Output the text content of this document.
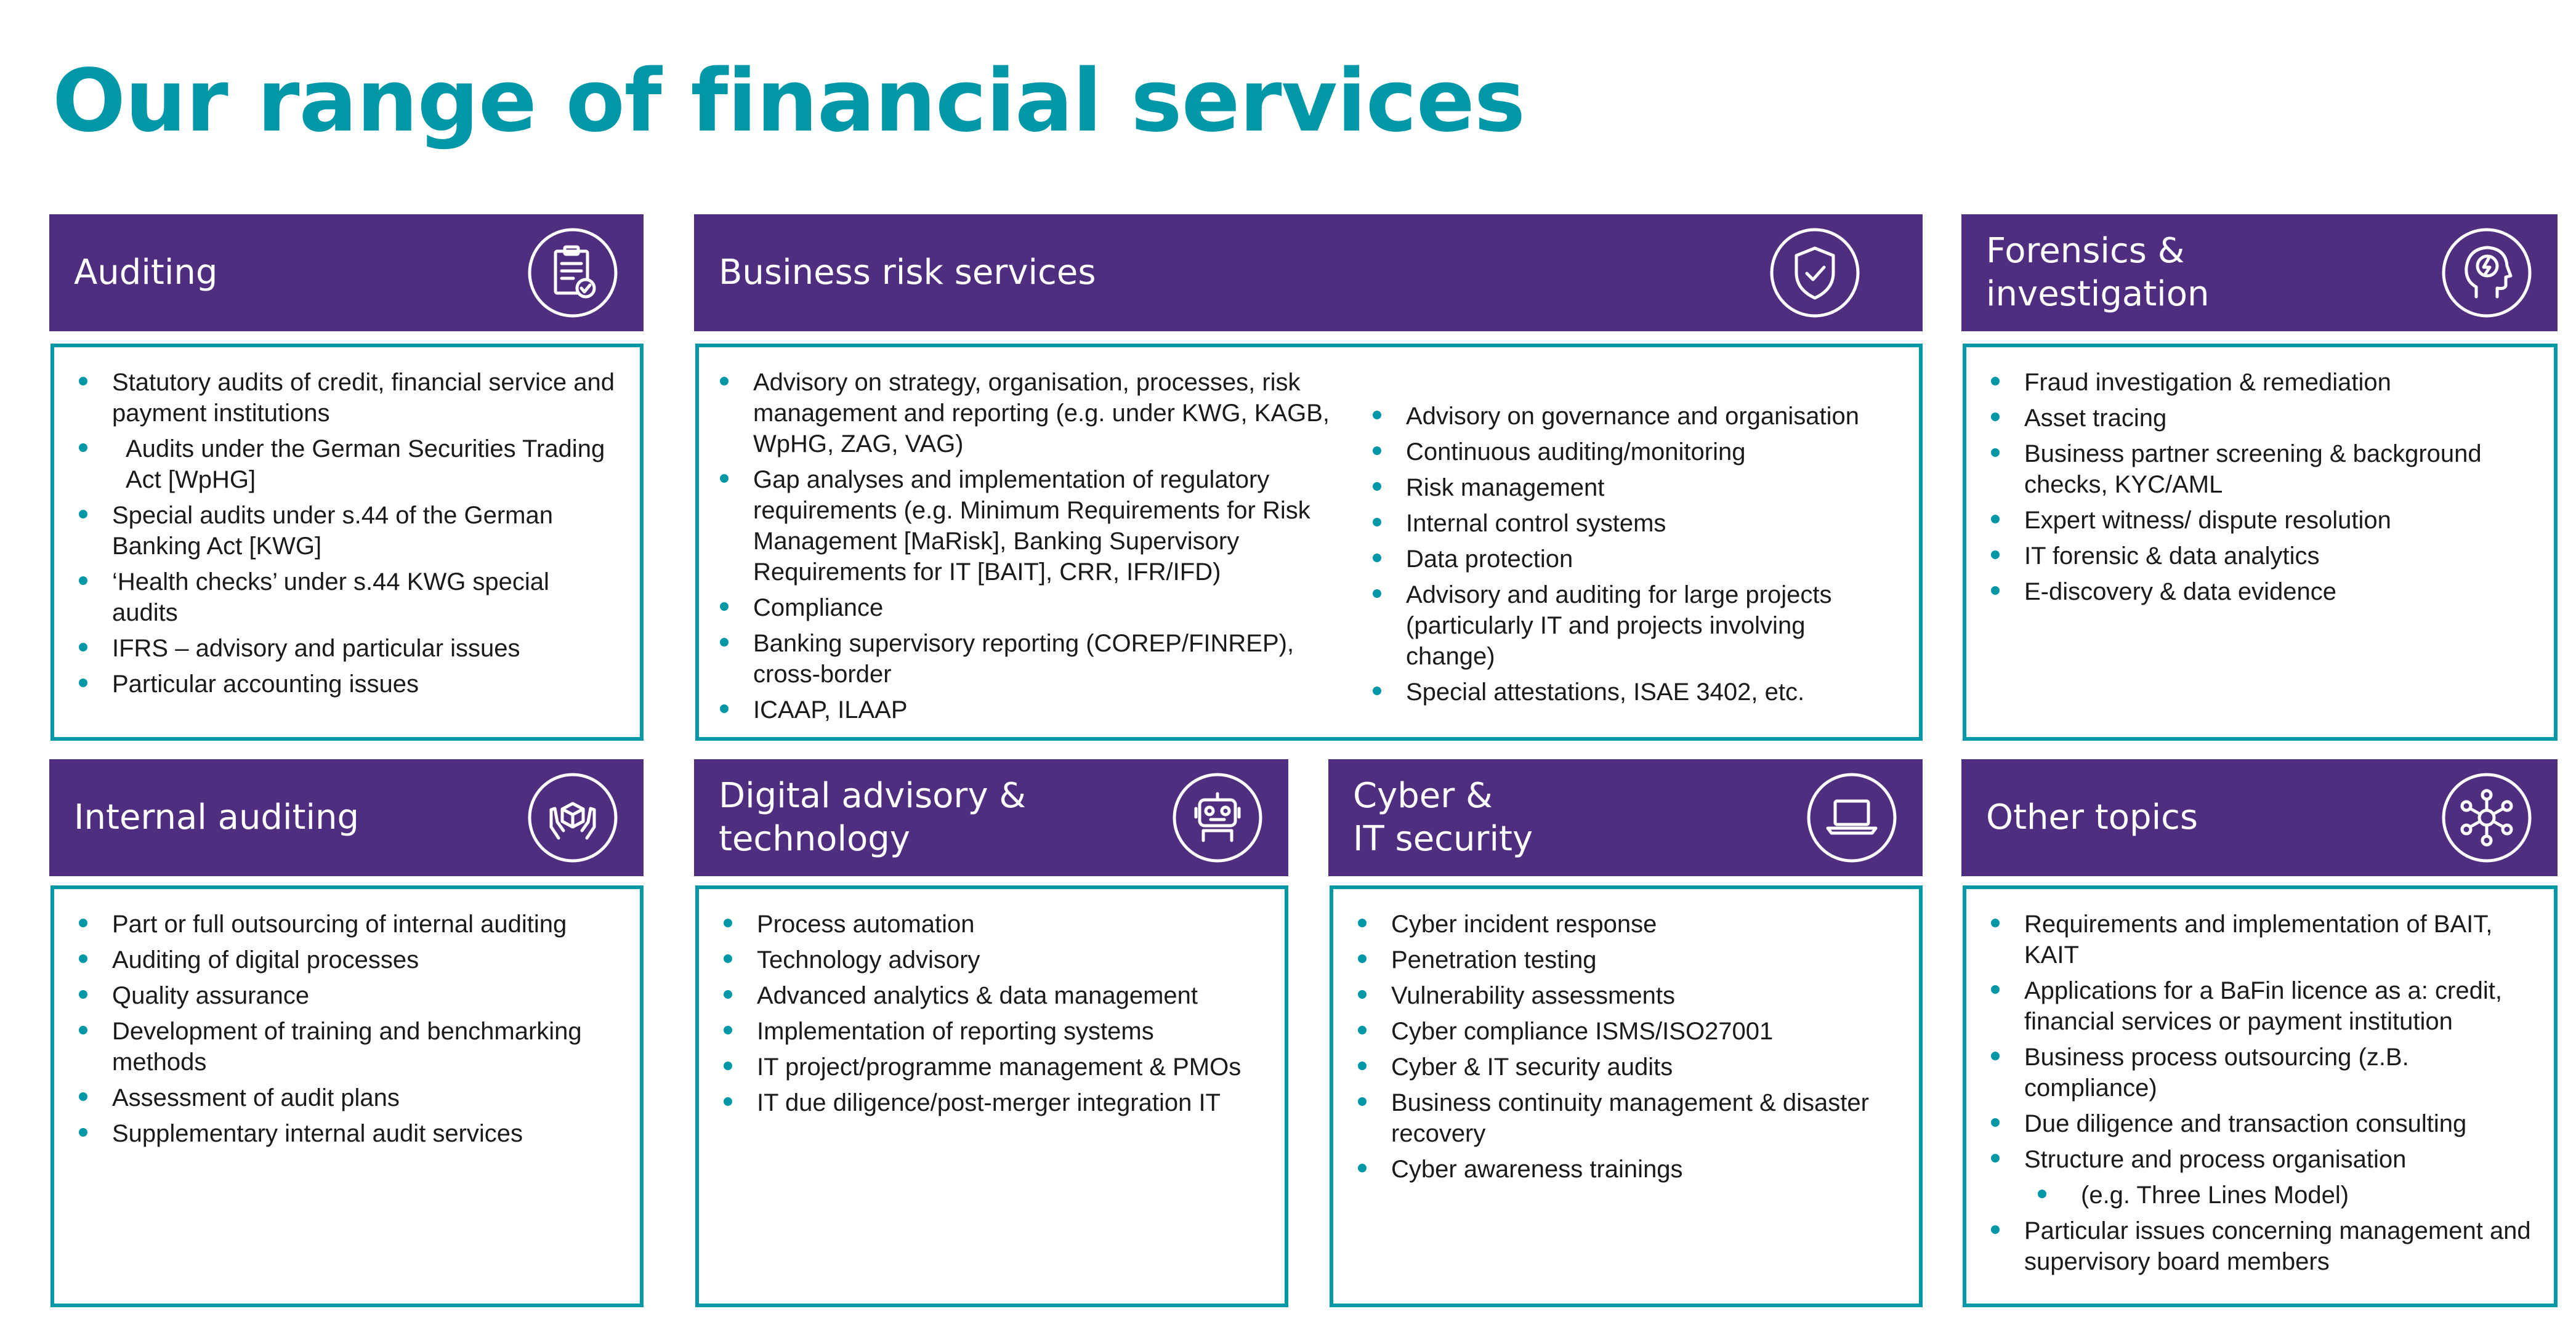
Our range of financial services
Auditing
Statutory audits of credit, financial service and payment institutions
Audits under the German Securities Trading Act [WpHG]
Special audits under s.44 of the German Banking Act [KWG]
‘Health checks’ under s.44 KWG special audits
IFRS – advisory and particular issues
Particular accounting issues
Business risk services
Advisory on strategy, organisation, processes, risk management and reporting (e.g. under KWG, KAGB, WpHG, ZAG, VAG)
Gap analyses and implementation of regulatory requirements (e.g. Minimum Requirements for Risk Management [MaRisk], Banking Supervisory Requirements for IT [BAIT], CRR, IFR/IFD)
Compliance
Banking supervisory reporting (COREP/FINREP), cross-border
ICAAP, ILAAP
Advisory on governance and organisation
Continuous auditing/monitoring
Risk management
Internal control systems
Data protection
Advisory and auditing for large projects (particularly IT and projects involving change)
Special attestations, ISAE 3402, etc.
Forensics &
investigation
Fraud investigation & remediation
Asset tracing
Business partner screening & background checks, KYC/AML
Expert witness/ dispute resolution
IT forensic & data analytics
E-discovery & data evidence
Internal auditing
Part or full outsourcing of internal auditing
Auditing of digital processes
Quality assurance
Development of training and benchmarking methods
Assessment of audit plans
Supplementary internal audit services
Digital advisory &
technology
Process automation
Technology advisory
Advanced analytics & data management
Implementation of reporting systems
IT project/programme management & PMOs
IT due diligence/post-merger integration IT
Cyber &
IT security
Cyber incident response
Penetration testing
Vulnerability assessments
Cyber compliance ISMS/ISO27001
Cyber & IT security audits
Business continuity management & disaster recovery
Cyber awareness trainings
Other topics
Requirements and implementation of BAIT, KAIT
Applications for a BaFin licence as a: credit, financial services or payment institution
Business process outsourcing (z.B. compliance)
Due diligence and transaction consulting
Structure and process organisation
(e.g. Three Lines Model)
Particular issues concerning management and supervisory board members
